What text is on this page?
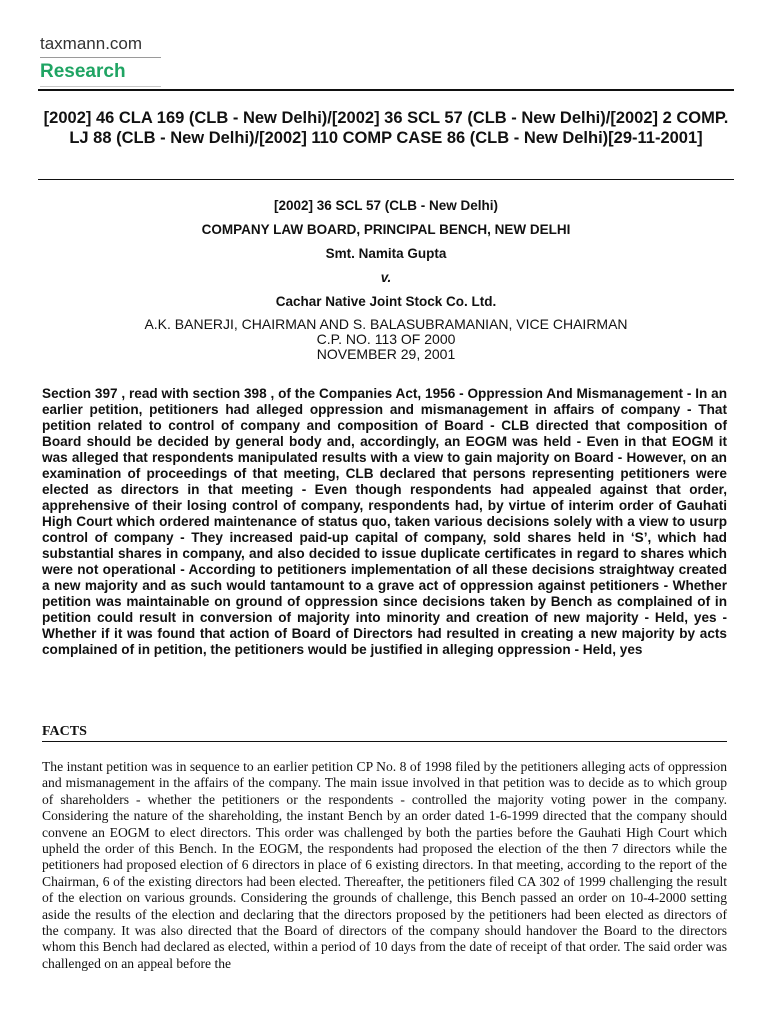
taxmann.com
Research
[2002] 46 CLA 169 (CLB - New Delhi)/[2002] 36 SCL 57 (CLB - New Delhi)/[2002] 2 COMP. LJ 88 (CLB - New Delhi)/[2002] 110 COMP CASE 86 (CLB - New Delhi)[29-11-2001]
[2002] 36 SCL 57 (CLB - New Delhi)
COMPANY LAW BOARD, PRINCIPAL BENCH, NEW DELHI
Smt. Namita Gupta
v.
Cachar Native Joint Stock Co. Ltd.
A.K. BANERJI, CHAIRMAN AND S. BALASUBRAMANIAN, VICE CHAIRMAN
C.P. NO. 113 OF 2000
NOVEMBER 29, 2001

Section 397 , read with section 398 , of the Companies Act, 1956 - Oppression And Mismanagement - In an earlier petition, petitioners had alleged oppression and mismanagement in affairs of company - That petition related to control of company and composition of Board - CLB directed that composition of Board should be decided by general body and, accordingly, an EOGM was held - Even in that EOGM it was alleged that respondents manipulated results with a view to gain majority on Board - However, on an examination of proceedings of that meeting, CLB declared that persons representing petitioners were elected as directors in that meeting - Even though respondents had appealed against that order, apprehensive of their losing control of company, respondents had, by virtue of interim order of Gauhati High Court which ordered maintenance of status quo, taken various decisions solely with a view to usurp control of company - They increased paid-up capital of company, sold shares held in ‘S’, which had substantial shares in company, and also decided to issue duplicate certificates in regard to shares which were not operational - According to petitioners implementation of all these decisions straightway created a new majority and as such would tantamount to a grave act of oppression against petitioners - Whether petition was maintainable on ground of oppression since decisions taken by Bench as complained of in petition could result in conversion of majority into minority and creation of new majority - Held, yes - Whether if it was found that action of Board of Directors had resulted in creating a new majority by acts complained of in petition, the petitioners would be justified in alleging oppression - Held, yes

FACTS

The instant petition was in sequence to an earlier petition CP No. 8 of 1998 filed by the petitioners alleging acts of oppression and mismanagement in the affairs of the company. The main issue involved in that petition was to decide as to which group of shareholders - whether the petitioners or the respondents - controlled the majority voting power in the company. Considering the nature of the shareholding, the instant Bench by an order dated 1-6-1999 directed that the company should convene an EOGM to elect directors. This order was challenged by both the parties before the Gauhati High Court which upheld the order of this Bench. In the EOGM, the respondents had proposed the election of the then 7 directors while the petitioners had proposed election of 6 directors in place of 6 existing directors. In that meeting, according to the report of the Chairman, 6 of the existing directors had been elected. Thereafter, the petitioners filed CA 302 of 1999 challenging the result of the election on various grounds. Considering the grounds of challenge, this Bench passed an order on 10-4-2000 setting aside the results of the election and declaring that the directors proposed by the petitioners had been elected as directors of the company. It was also directed that the Board of directors of the company should handover the Board to the directors whom this Bench had declared as elected, within a period of 10 days from the date of receipt of that order. The said order was challenged on an appeal before the
